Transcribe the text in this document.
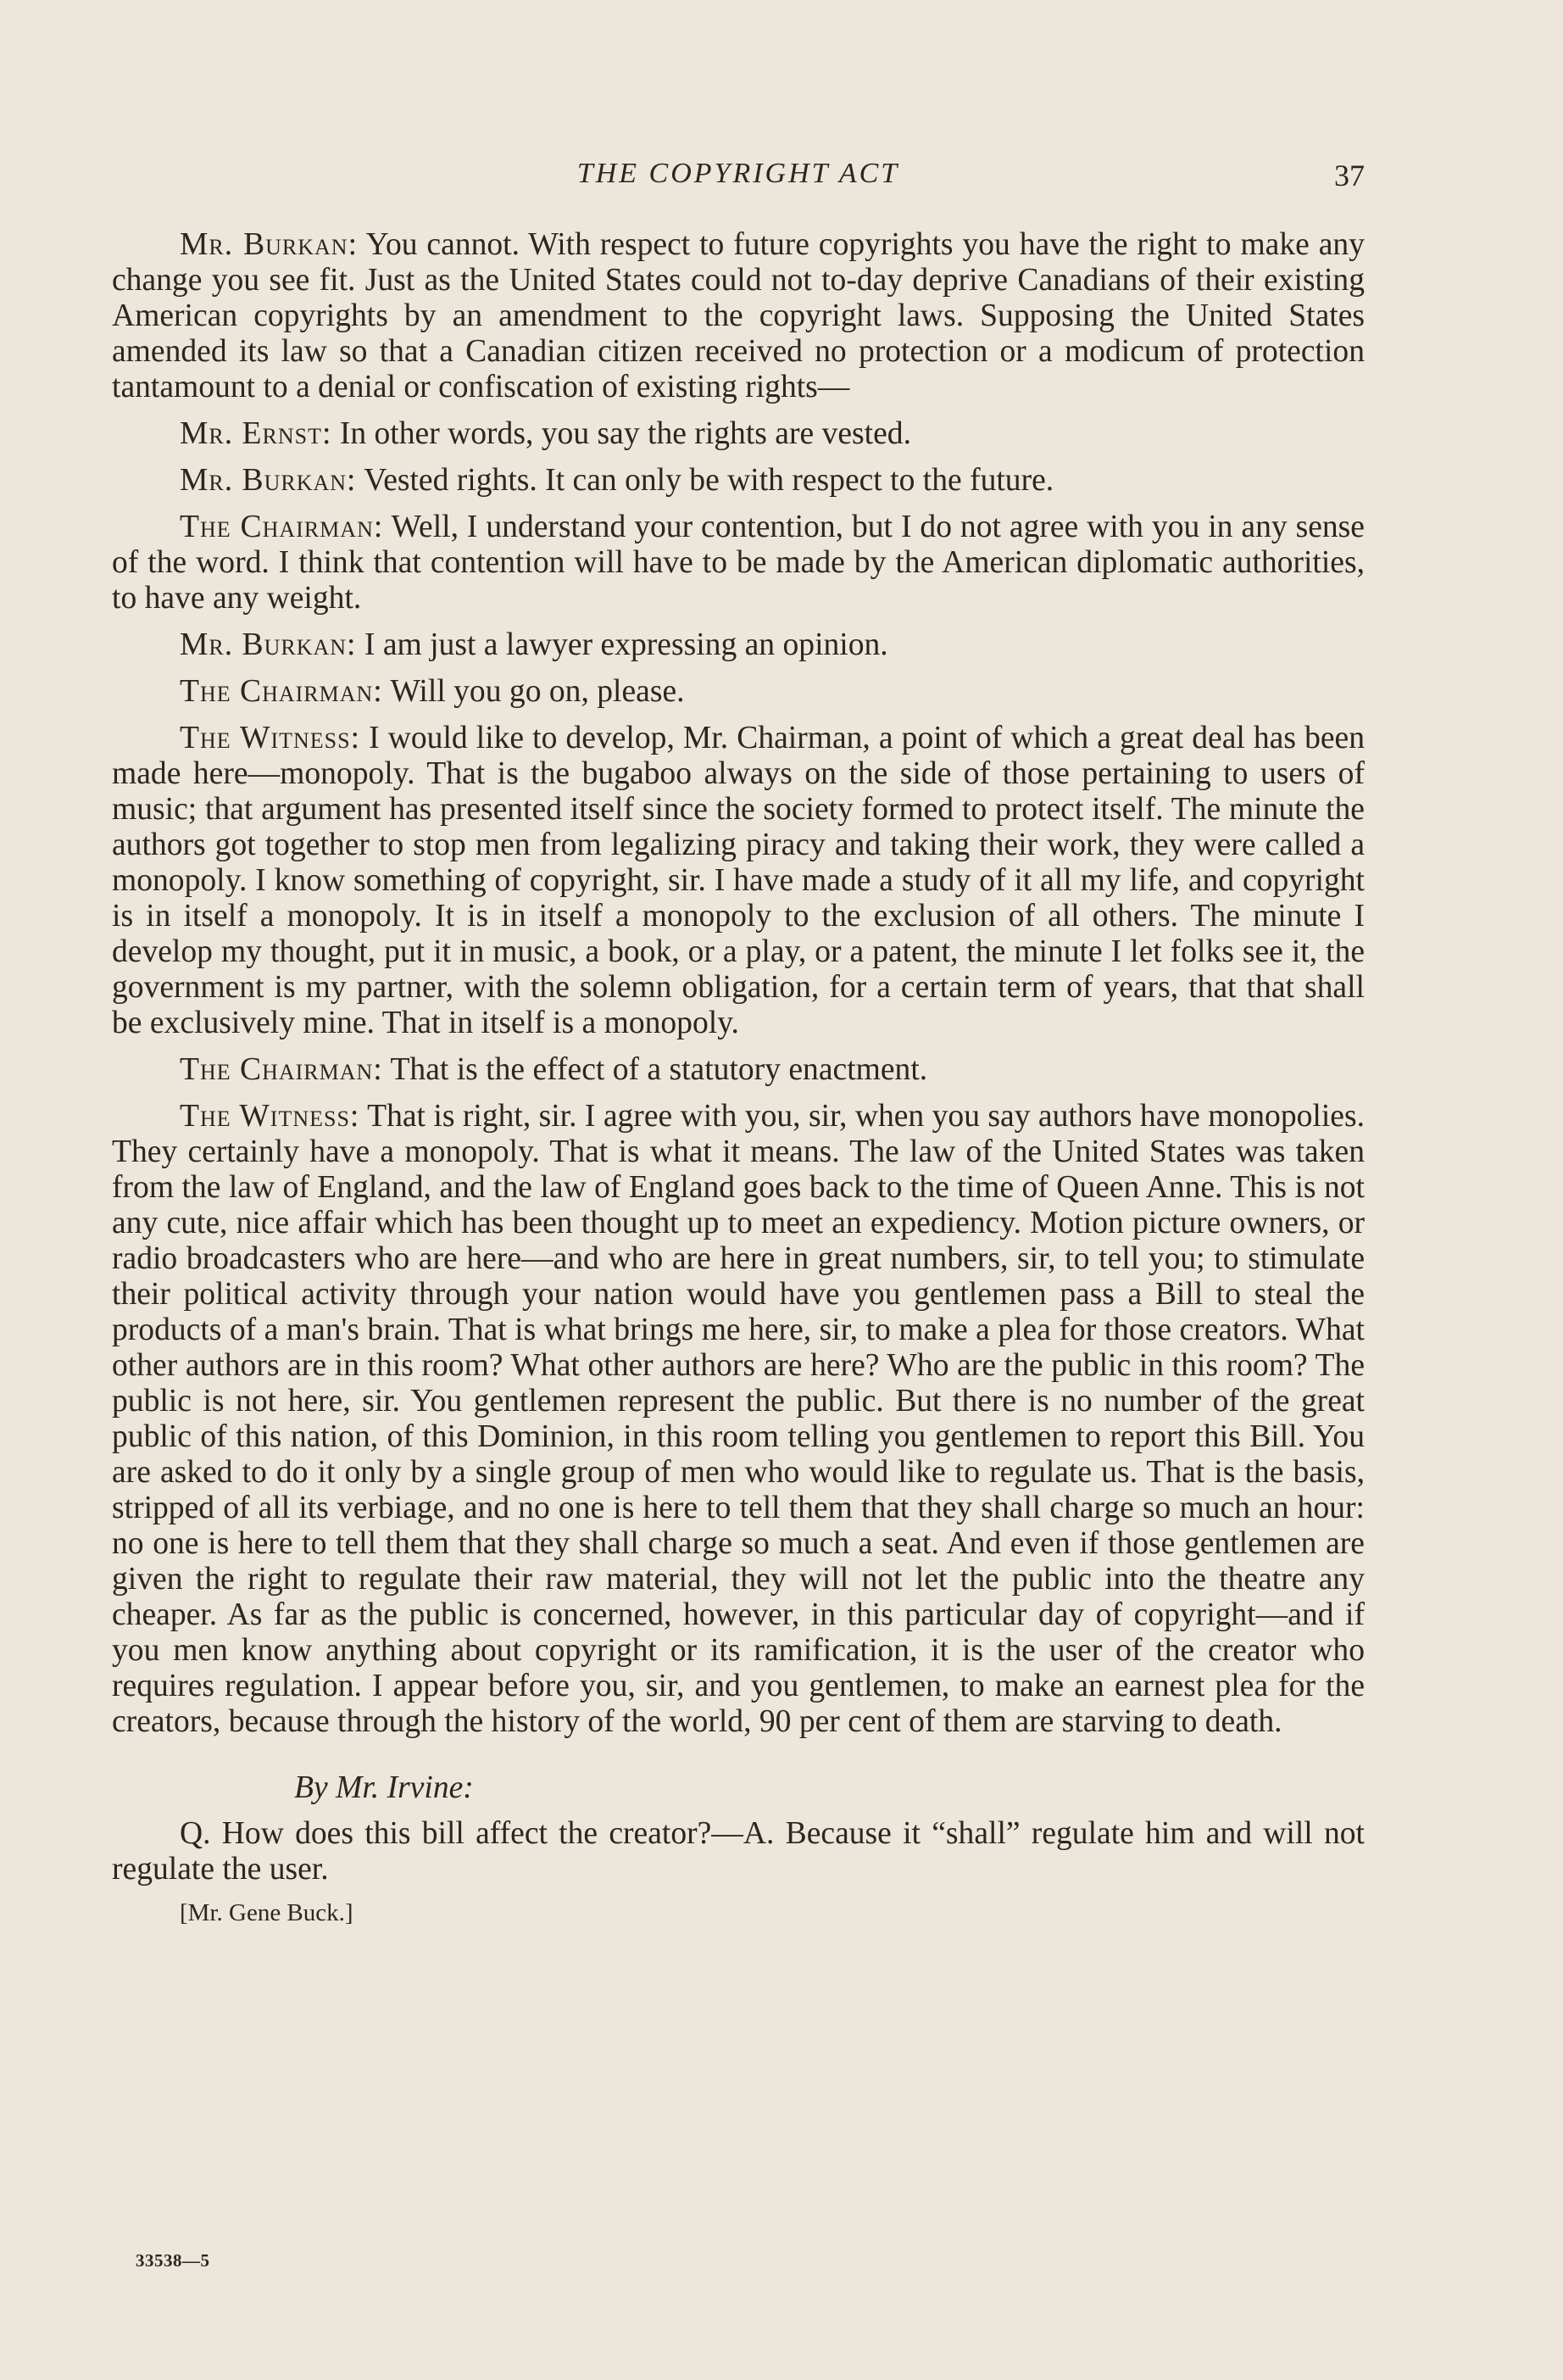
THE COPYRIGHT ACT	37

Mr. Burkan: You cannot. With respect to future copyrights you have the right to make any change you see fit. Just as the United States could not to-day deprive Canadians of their existing American copyrights by an amendment to the copyright laws. Supposing the United States amended its law so that a Canadian citizen received no protection or a modicum of protection tantamount to a denial or confiscation of existing rights—

Mr. Ernst: In other words, you say the rights are vested.

Mr. Burkan: Vested rights. It can only be with respect to the future.

The Chairman: Well, I understand your contention, but I do not agree with you in any sense of the word. I think that contention will have to be made by the American diplomatic authorities, to have any weight.

Mr. Burkan: I am just a lawyer expressing an opinion.

The Chairman: Will you go on, please.

The Witness: I would like to develop, Mr. Chairman, a point of which a great deal has been made here—monopoly. That is the bugaboo always on the side of those pertaining to users of music; that argument has presented itself since the society formed to protect itself. The minute the authors got together to stop men from legalizing piracy and taking their work, they were called a monopoly. I know something of copyright, sir. I have made a study of it all my life, and copyright is in itself a monopoly. It is in itself a monopoly to the exclusion of all others. The minute I develop my thought, put it in music, a book, or a play, or a patent, the minute I let folks see it, the government is my partner, with the solemn obligation, for a certain term of years, that that shall be exclusively mine. That in itself is a monopoly.

The Chairman: That is the effect of a statutory enactment.

The Witness: That is right, sir. I agree with you, sir, when you say authors have monopolies. They certainly have a monopoly. That is what it means. The law of the United States was taken from the law of England, and the law of England goes back to the time of Queen Anne. This is not any cute, nice affair which has been thought up to meet an expediency. Motion picture owners, or radio broadcasters who are here—and who are here in great numbers, sir, to tell you; to stimulate their political activity through your nation would have you gentlemen pass a Bill to steal the products of a man's brain. That is what brings me here, sir, to make a plea for those creators. What other authors are in this room? What other authors are here? Who are the public in this room? The public is not here, sir. You gentlemen represent the public. But there is no number of the great public of this nation, of this Dominion, in this room telling you gentlemen to report this Bill. You are asked to do it only by a single group of men who would like to regulate us. That is the basis, stripped of all its verbiage, and no one is here to tell them that they shall charge so much an hour: no one is here to tell them that they shall charge so much a seat. And even if those gentlemen are given the right to regulate their raw material, they will not let the public into the theatre any cheaper. As far as the public is concerned, however, in this particular day of copyright—and if you men know anything about copyright or its ramification, it is the user of the creator who requires regulation. I appear before you, sir, and you gentlemen, to make an earnest plea for the creators, because through the history of the world, 90 per cent of them are starving to death.

By Mr. Irvine:

Q. How does this bill affect the creator?—A. Because it “shall” regulate him and will not regulate the user.

[Mr. Gene Buck.]

33538—5
